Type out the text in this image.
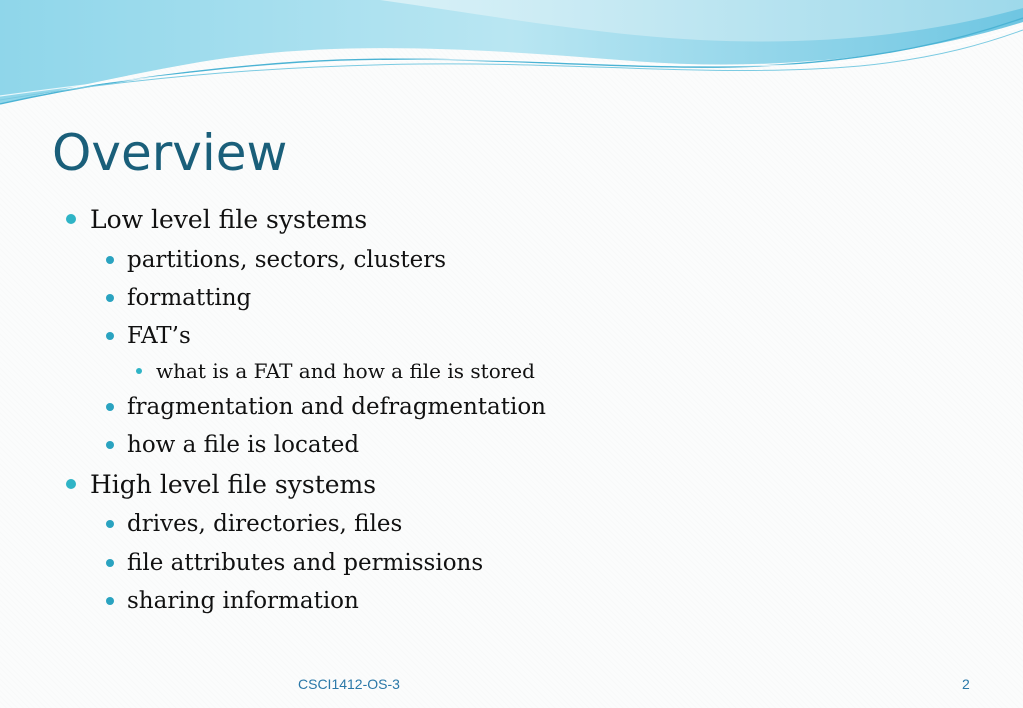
Overview
Low level file systems
partitions, sectors, clusters
formatting
FAT’s
what is a FAT and how a file is stored
fragmentation and defragmentation
how a file is located
High level file systems
drives, directories, files
file attributes and permissions
sharing information
CSCI1412-OS-3	2
